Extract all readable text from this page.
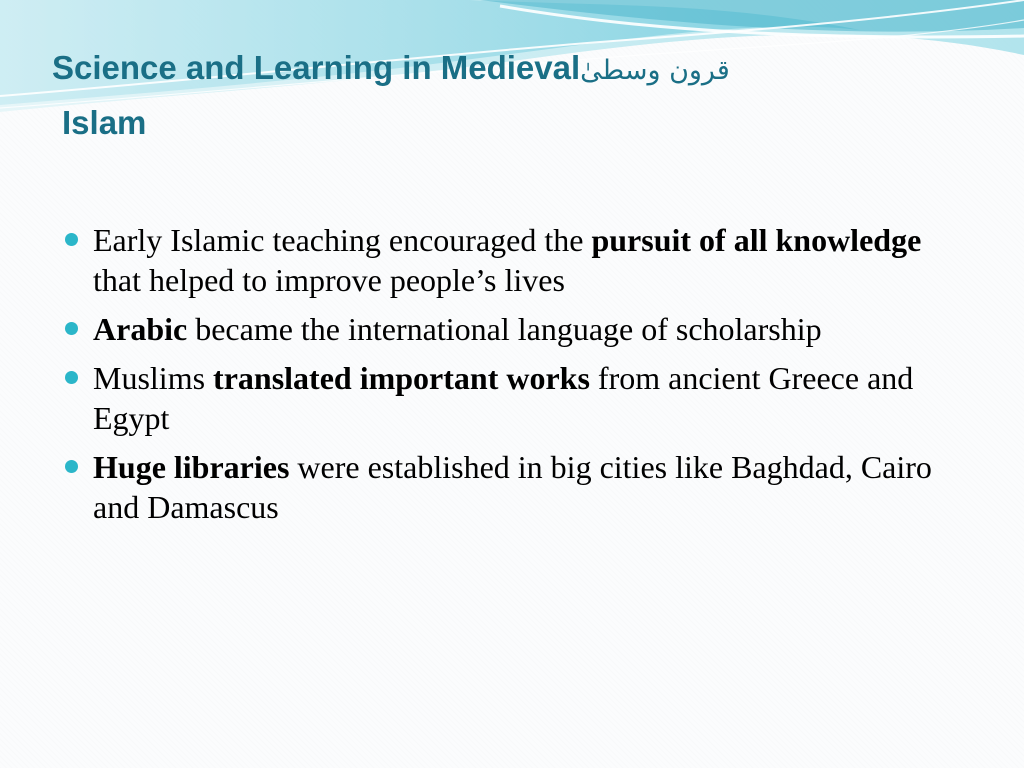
Science and Learning in Medievalقرون وسطیٰ
Islam
Early Islamic teaching encouraged the pursuit of all knowledge that helped to improve people’s lives
Arabic became the international language of scholarship
Muslims translated important works from ancient Greece and Egypt
Huge libraries were established in big cities like Baghdad, Cairo and Damascus
